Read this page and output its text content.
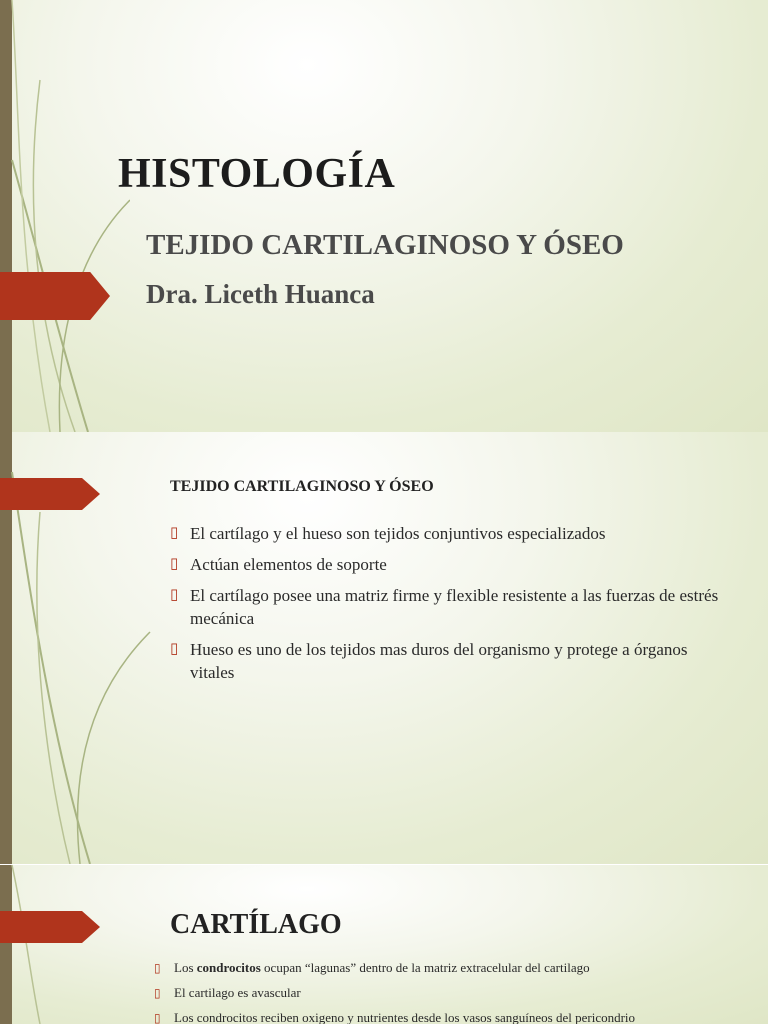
HISTOLOGÍA
TEJIDO CARTILAGINOSO Y ÓSEO
Dra. Liceth Huanca
TEJIDO CARTILAGINOSO Y ÓSEO
▯ El cartílago y el hueso son tejidos conjuntivos especializados
▯ Actúan elementos de soporte
▯ El cartílago posee una matriz firme y flexible resistente a las fuerzas de estrés mecánica
▯ Hueso es uno de los tejidos mas duros del organismo y protege a órganos vitales
CARTÍLAGO
▯ Los condrocitos ocupan “lagunas” dentro de la matriz extracelular del cartilago
▯ El cartilago es avascular
▯ Los condrocitos reciben oxigeno y nutrientes desde los vasos sanguíneos del pericondrio
